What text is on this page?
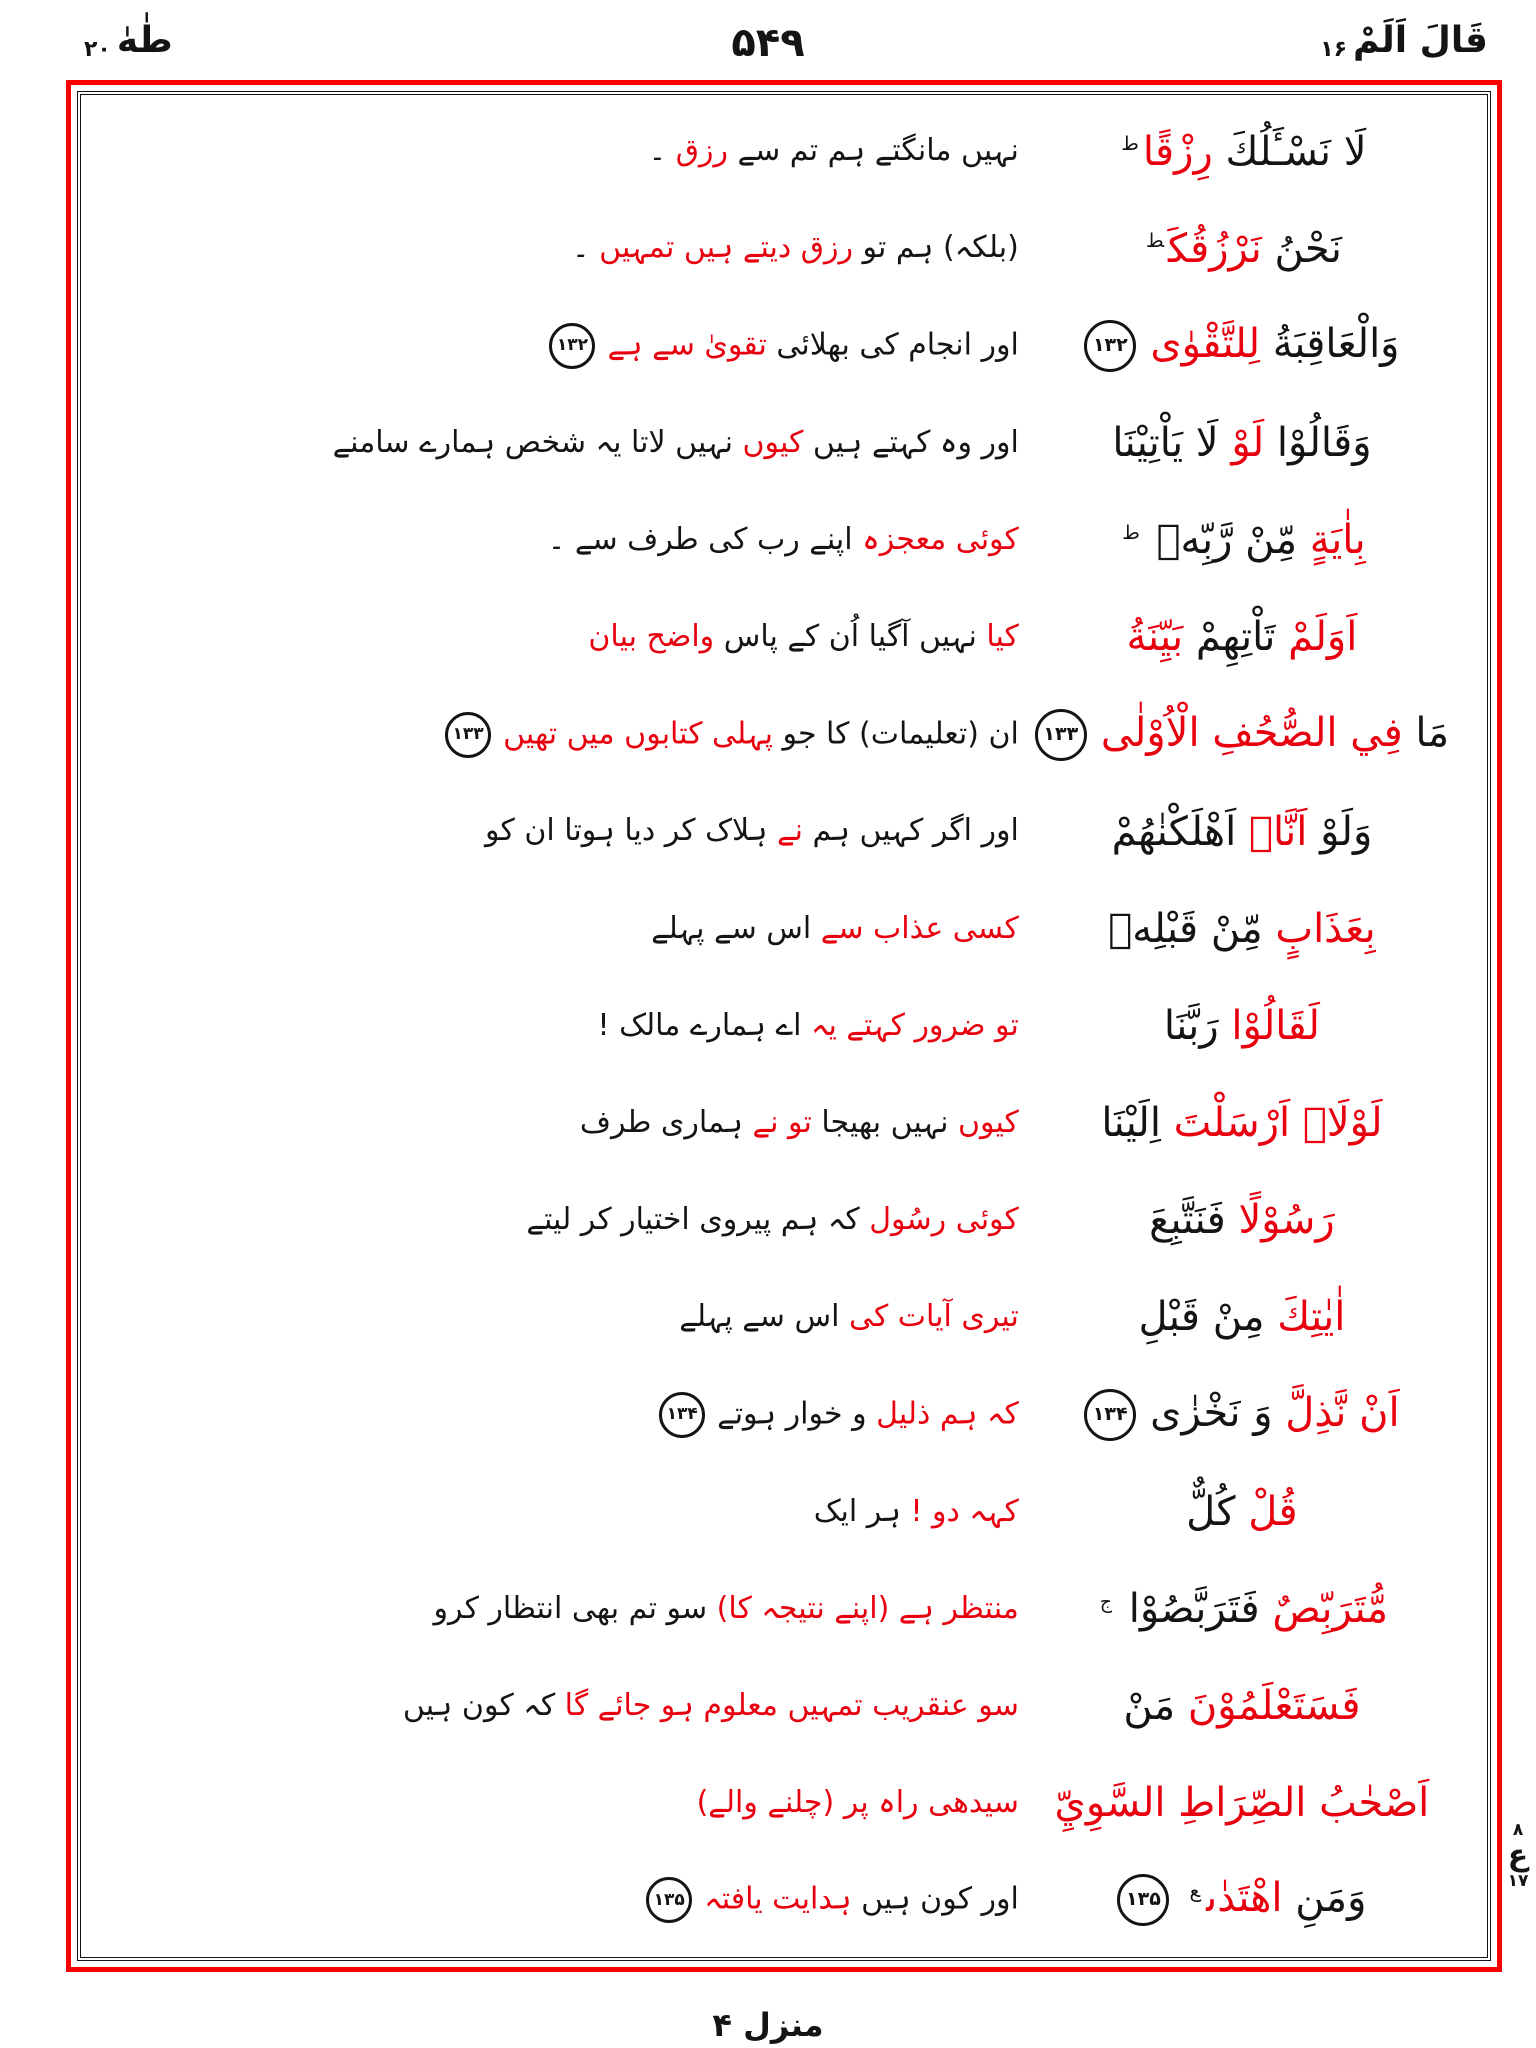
قَالَ اَلَمْ۱۶
۵۴۹
طٰهٰ۲۰
لَا نَسْـَٔلُكَ رِزْقًا$^ط$
نہیں مانگتے ہم تم سے رزق ۔
نَحْنُ نَرْزُقُكَ$^ط$
(بلکہ) ہم تو رزق دیتے ہیں تمہیں ۔
وَالْعَاقِبَةُ لِلتَّقْوٰى۱۳۲
اور انجام کی بھلائی تقویٰ سے ہے۱۳۲
وَقَالُوْا لَوْ لَا يَاْتِيْنَا
اور وہ کہتے ہیں کیوں نہیں لاتا یہ شخص ہمارے سامنے
بِاٰيَةٍ مِّنْ رَّبِّهٖ $^ط$
کوئی معجزہ اپنے رب کی طرف سے ۔
اَوَلَمْ تَاْتِهِمْ بَيِّنَةُ
کیا نہیں آگیا اُن کے پاس واضح بیان
مَا فِي الصُّحُفِ الْاُوْلٰى۱۳۳
ان (تعلیمات) کا جو پہلی کتابوں میں تھیں۱۳۳
وَلَوْ اَنَّاۤ اَهْلَكْنٰهُمْ
اور اگر کہیں ہم نے ہلاک کر دیا ہوتا ان کو
بِعَذَابٍ مِّنْ قَبْلِهٖ
کسی عذاب سے اس سے پہلے
لَقَالُوْا رَبَّنَا
تو ضرور کہتے یہ اے ہمارے مالک !
لَوْلَاۤ اَرْسَلْتَ اِلَيْنَا
کیوں نہیں بھیجا تو نے ہماری طرف
رَسُوْلًا فَنَتَّبِعَ
کوئی رسُول کہ ہم پیروی اختیار کر لیتے
اٰيٰتِكَ مِنْ قَبْلِ
تیری آیات کی اس سے پہلے
اَنْ نَّذِلَّ وَ نَخْزٰى۱۳۴
کہ ہم ذلیل و خوار ہوتے۱۳۴
قُلْ كُلٌّ
کہہ دو ! ہر ایک
مُّتَرَبِّصٌ فَتَرَبَّصُوْا $^ج$
منتظر ہے (اپنے نتیجہ کا) سو تم بھی انتظار کرو
فَسَتَعْلَمُوْنَ مَنْ
سو عنقریب تمہیں معلوم ہو جائے گا کہ کون ہیں
اَصْحٰبُ الصِّرَاطِ السَّوِيِّ
سیدھی راہ پر (چلنے والے)
وَمَنِ اهْتَدٰى$^ع$۱۳۵
اور کون ہیں ہدایت یافتہ۱۳۵
۸
ع
۱۷
منزل ۴
